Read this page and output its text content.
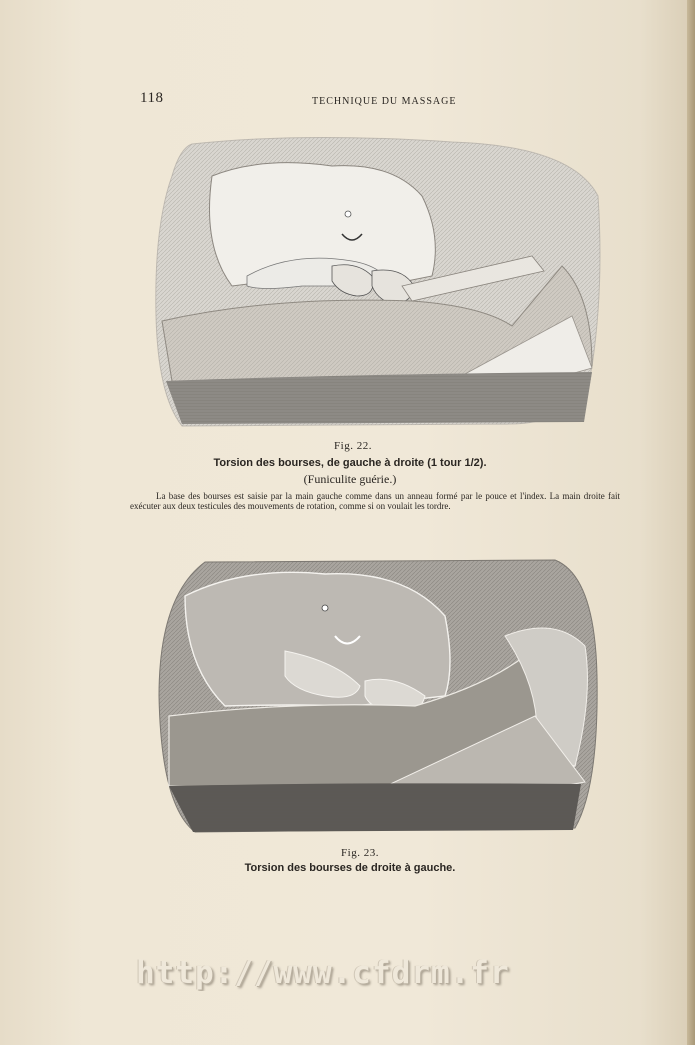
118	TECHNIQUE DU MASSAGE
Fig. 22.
Torsion des bourses, de gauche à droite (1 tour 1/2).
(Funiculite guérie.)
La base des bourses est saisie par la main gauche comme dans un anneau formé par le pouce et l'index. La main droite fait exécuter aux deux testicules des mouvements de rotation, comme si on voulait les tordre.
Fig. 23.
Torsion des bourses de droite à gauche.
http://www.cfdrm.fr
